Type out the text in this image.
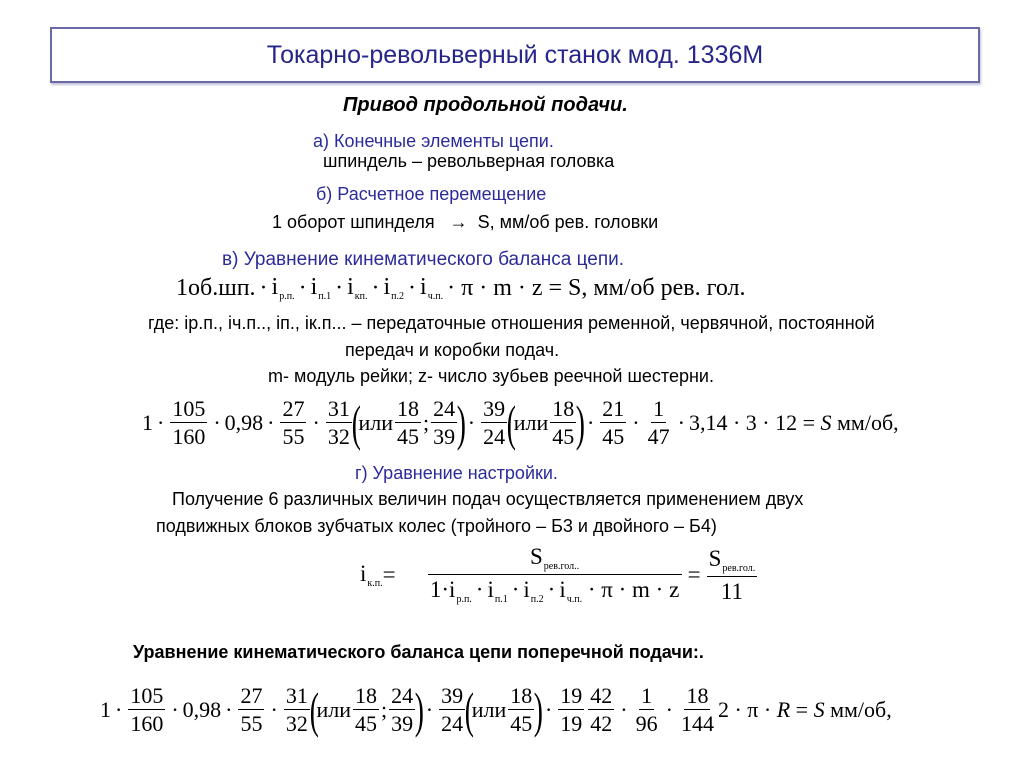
Токарно-револьверный станок мод. 1336М
Привод продольной подачи.
а) Конечные элементы цепи.
шпиндель – револьверная головка
б) Расчетное перемещение
1 оборот шпинделя   →  S, мм/об рев. головки
в) Уравнение кинематического баланса цепи.
1об.шп. · $i_{р.п.} \cdot i_{п.1} \cdot i_{кп.} \cdot i_{п.2} \cdot i_{ч.п.} \cdot \pi \cdot m \cdot z = S$, мм/об рев. гол.
где: ір.п., іч.п.., іп., ік.п... – передаточные отношения ременной, червячной, постоянной
передач и коробки подач.
m- модуль рейки; z- число зубьев реечной шестерни.
$1 \cdot \frac{105}{160} \cdot 0,98 \cdot \frac{27}{55} \cdot \frac{31}{32}$ (
или $\frac{18}{45}$ ; $\frac{24}{39}$ ) · $\frac{39}{24}$ (
или $\frac{18}{45}$ ) · $\frac{21}{45} \cdot \frac{1}{47} \cdot 3,14 \cdot 3 \cdot 12 = S$ мм/об,
г) Уравнение настройки.
Получение 6 различных величин подач осуществляется применением двух
подвижных блоков зубчатых колес (тройного – Б3 и двойного – Б4)
$i_{к.п.} = \frac{S_{рев.гол..}}{1\cdot i_{р.п.} \cdot i_{п.1} \cdot i_{п.2} \cdot i_{ч.п.} \cdot \pi \cdot m \cdot z} = \frac{S_{рев.гол.}}{11}$
Уравнение кинематического баланса цепи поперечной подачи:.
$1 \cdot \frac{105}{160} \cdot 0,98 \cdot \frac{27}{55} \cdot \frac{31}{32}$ (
или $\frac{18}{45}$ ; $\frac{24}{39}$ ) · $\frac{39}{24}$ (
или $\frac{18}{45}$ ) · $\frac{19}{19} \frac{42}{42} \cdot \frac{1}{96} \cdot \frac{18}{144} 2 \cdot \pi \cdot R = S$ мм/об,
